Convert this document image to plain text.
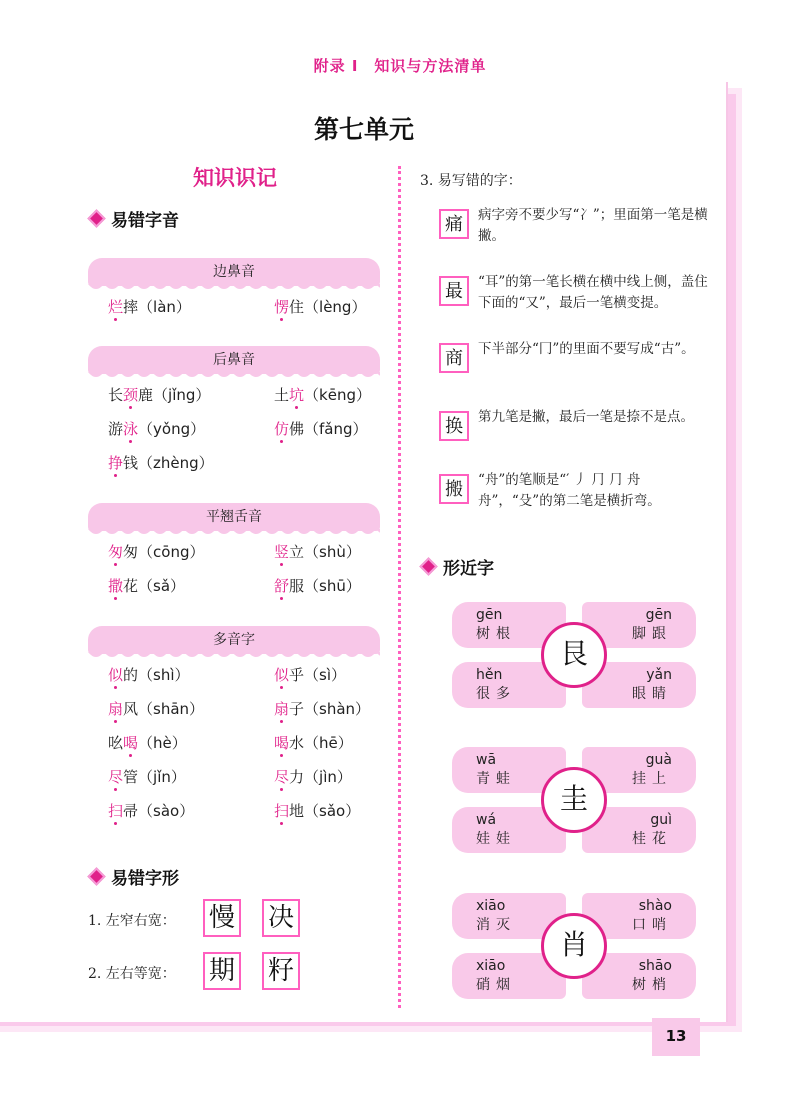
附录 I　知识与方法清单
第七单元
知识识记
易错字音
边鼻音
烂摔（làn）	愣住（lèng）
后鼻音
长颈鹿（jǐng）	土坑（kēng）
游泳（yǒng）	仿佛（fǎng）
挣钱（zhèng）
平翘舌音
匆匆（cōng）	竖立（shù）
撒花（sǎ）	舒服（shū）
多音字
似的（shì）	似乎（sì）
扇风（shān）	扇子（shàn）
吆喝（hè）	喝水（hē）
尽管（jǐn）	尽力（jìn）
扫帚（sào）	扫地（sǎo）
易错字形
1. 左窄右宽： 慢 决
2. 左右等宽： 期 籽
3. 易写错的字：
痛	病字旁不要少写“冫”；里面第一笔是横撇。
最	“耳”的第一笔长横在横中线上侧，盖住下面的“又”，最后一笔横变提。
商	下半部分“冂”的里面不要写成“古”。
换	第九笔是撇，最后一笔是捺不是点。
搬	“舟”的笔顺是“′ 丿 ⺆ ⺆ 舟 舟”，“殳”的第二笔是横折弯。
形近字
gēn
树根
gēn
脚跟
hěn
很多
yǎn
眼睛
艮
wā
青蛙
guà
挂上
wá
娃娃
guì
桂花
圭
xiāo
消灭
shào
口哨
xiāo
硝烟
shāo
树梢
肖
13
